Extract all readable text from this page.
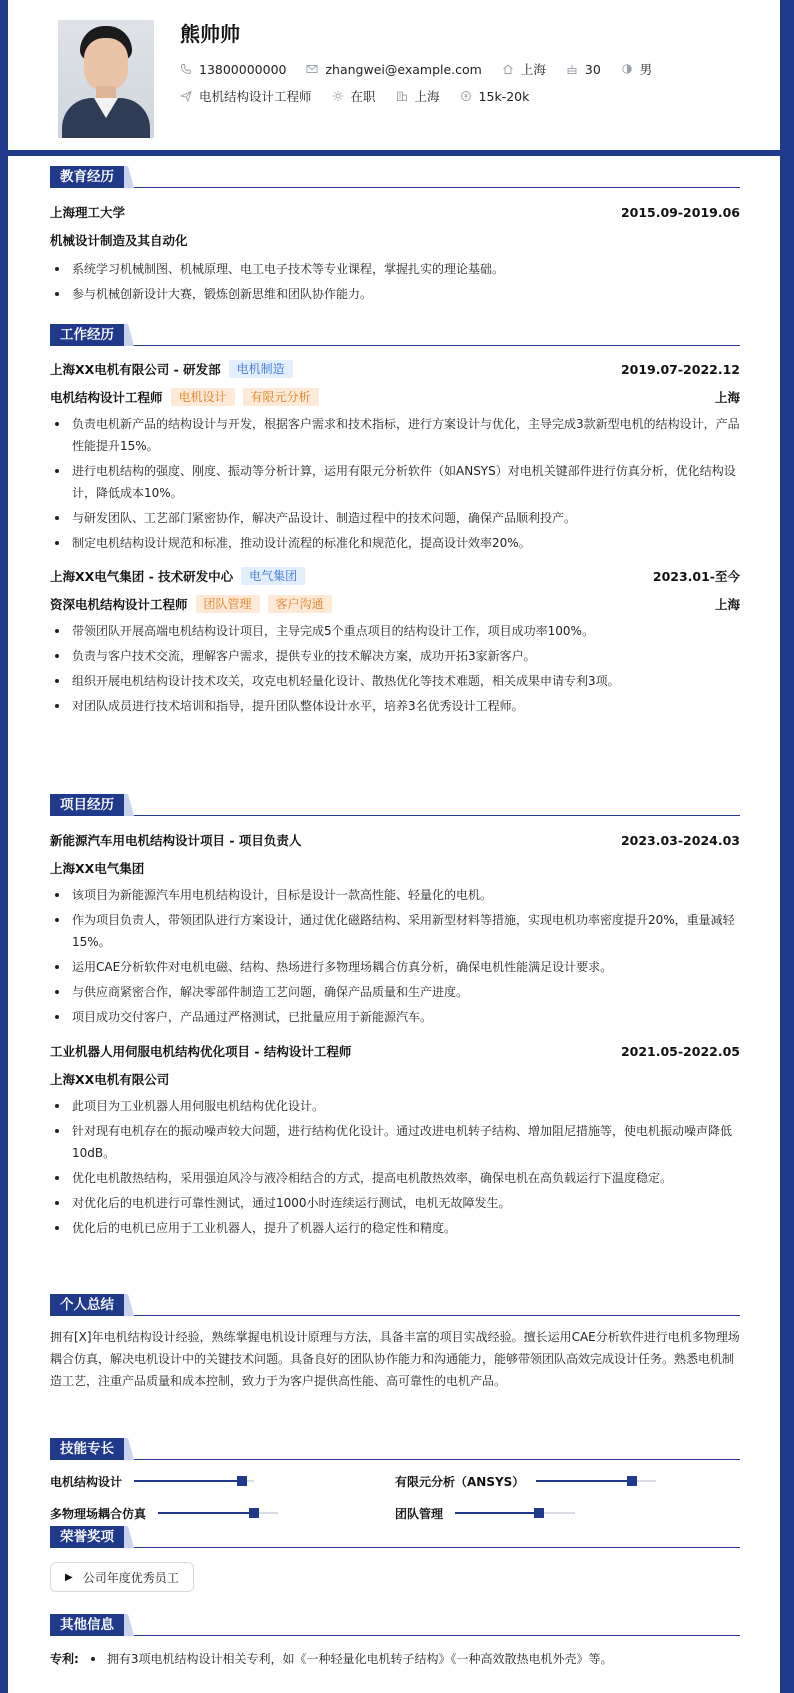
熊帅帅
13800000000	zhangwei@example.com	上海	30	男
电机结构设计工程师	在职	上海	15k-20k
教育经历
上海理工大学	2015.09-2019.06
机械设计制造及其自动化
系统学习机械制图、机械原理、电工电子技术等专业课程，掌握扎实的理论基础。
参与机械创新设计大赛，锻炼创新思维和团队协作能力。
工作经历
上海XX电机有限公司 - 研发部	电机制造	2019.07-2022.12
电机结构设计工程师	电机设计	有限元分析	上海
负责电机新产品的结构设计与开发，根据客户需求和技术指标，进行方案设计与优化，主导完成3款新型电机的结构设计，产品性能提升15%。
进行电机结构的强度、刚度、振动等分析计算，运用有限元分析软件（如ANSYS）对电机关键部件进行仿真分析，优化结构设计，降低成本10%。
与研发团队、工艺部门紧密协作，解决产品设计、制造过程中的技术问题，确保产品顺利投产。
制定电机结构设计规范和标准，推动设计流程的标准化和规范化，提高设计效率20%。
上海XX电气集团 - 技术研发中心	电气集团	2023.01-至今
资深电机结构设计工程师	团队管理	客户沟通	上海
带领团队开展高端电机结构设计项目，主导完成5个重点项目的结构设计工作，项目成功率100%。
负责与客户技术交流，理解客户需求，提供专业的技术解决方案，成功开拓3家新客户。
组织开展电机结构设计技术攻关，攻克电机轻量化设计、散热优化等技术难题，相关成果申请专利3项。
对团队成员进行技术培训和指导，提升团队整体设计水平，培养3名优秀设计工程师。
项目经历
新能源汽车用电机结构设计项目 - 项目负责人	2023.03-2024.03
上海XX电气集团
该项目为新能源汽车用电机结构设计，目标是设计一款高性能、轻量化的电机。
作为项目负责人，带领团队进行方案设计，通过优化磁路结构、采用新型材料等措施，实现电机功率密度提升20%，重量减轻15%。
运用CAE分析软件对电机电磁、结构、热场进行多物理场耦合仿真分析，确保电机性能满足设计要求。
与供应商紧密合作，解决零部件制造工艺问题，确保产品质量和生产进度。
项目成功交付客户，产品通过严格测试，已批量应用于新能源汽车。
工业机器人用伺服电机结构优化项目 - 结构设计工程师	2021.05-2022.05
上海XX电机有限公司
此项目为工业机器人用伺服电机结构优化设计。
针对现有电机存在的振动噪声较大问题，进行结构优化设计。通过改进电机转子结构、增加阻尼措施等，使电机振动噪声降低10dB。
优化电机散热结构，采用强迫风冷与液冷相结合的方式，提高电机散热效率，确保电机在高负载运行下温度稳定。
对优化后的电机进行可靠性测试，通过1000小时连续运行测试，电机无故障发生。
优化后的电机已应用于工业机器人，提升了机器人运行的稳定性和精度。
个人总结

拥有[X]年电机结构设计经验，熟练掌握电机设计原理与方法，具备丰富的项目实战经验。擅长运用CAE分析软件进行电机多物理场耦合仿真，解决电机设计中的关键技术问题。具备良好的团队协作能力和沟通能力，能够带领团队高效完成设计任务。熟悉电机制造工艺，注重产品质量和成本控制，致力于为客户提供高性能、高可靠性的电机产品。

技能专长
电机结构设计	有限元分析（ANSYS）
多物理场耦合仿真	团队管理
荣誉奖项
▶ 公司年度优秀员工
其他信息
专利: 拥有3项电机结构设计相关专利，如《一种轻量化电机转子结构》《一种高效散热电机外壳》等。
